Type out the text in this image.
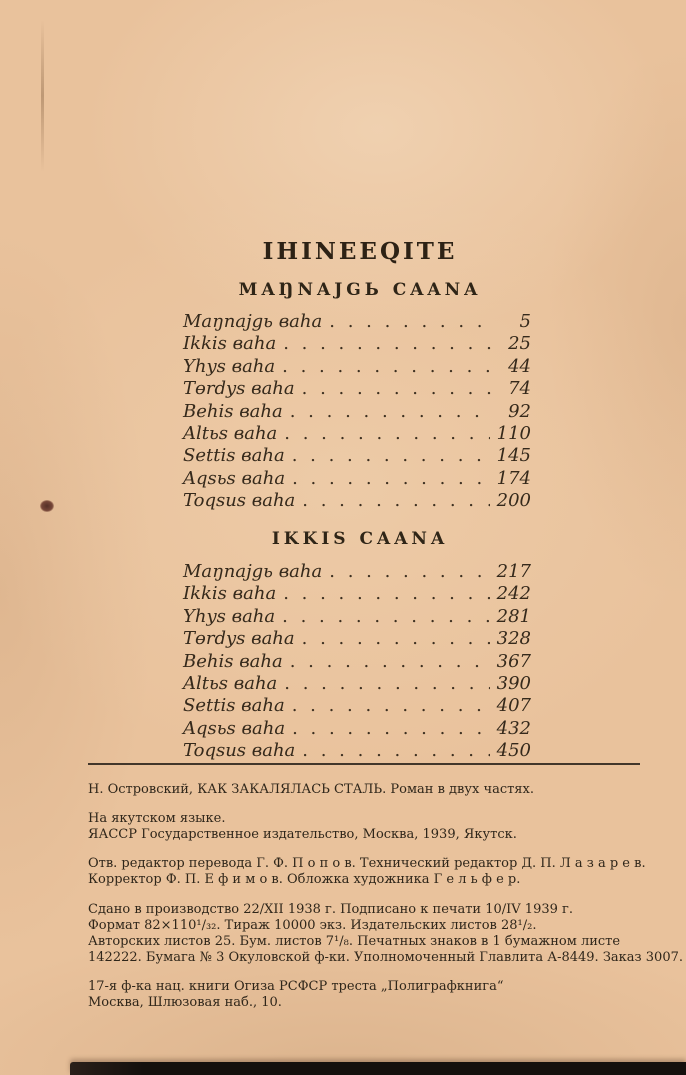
IHINEEQITE
MAŊNAJGЬ CAANA
Maŋnajgь вaha . . .	5
Ikkis вaha . . .	25
Yhys вaha . . .	44
Tөrdys вaha . . .	74
Behis вaha . . .	92
Altьs вaha . . .	110
Settis вaha . . .	145
Aqsьs вaha . . .	174
Toqsus вaha . . .	200
IKKIS CAANA
Maŋnajgь вaha . . .	217
Ikkis вaha . . .	242
Yhys вaha . . .	281
Tөrdys вaha . . .	328
Behis вaha . . .	367
Altьs вaha . . .	390
Settis вaha . . .	407
Aqsьs вaha . . .	432
Toqsus вaha . . .	450
Н. Островский, КАК ЗАКАЛЯЛАСЬ СТАЛЬ. Роман в двух частях.
На якутском языке.
ЯАССР Государственное издательство, Москва, 1939, Якутск.
Отв. редактор перевода Г. Ф. П о п о в. Технический редактор Д. П. Л а з а р е в.
Корректор Ф. П. Е ф и м о в. Обложка художника Г е л ь ф е р.
Сдано в производство 22/XII 1938 г. Подписано к печати 10/IV 1939 г.
Формат 82×110¹/₃₂. Тираж 10000 экз. Издательских листов 28¹/₂.
Авторских листов 25. Бум. листов 7¹/₈. Печатных знаков в 1 бумажном листе
142222. Бумага № 3 Окуловской ф-ки. Уполномоченный Главлита А-8449. Заказ 3007.
17-я ф-ка нац. книги Огиза РСФСР треста „Полиграфкнига“
Москва, Шлюзовая наб., 10.
